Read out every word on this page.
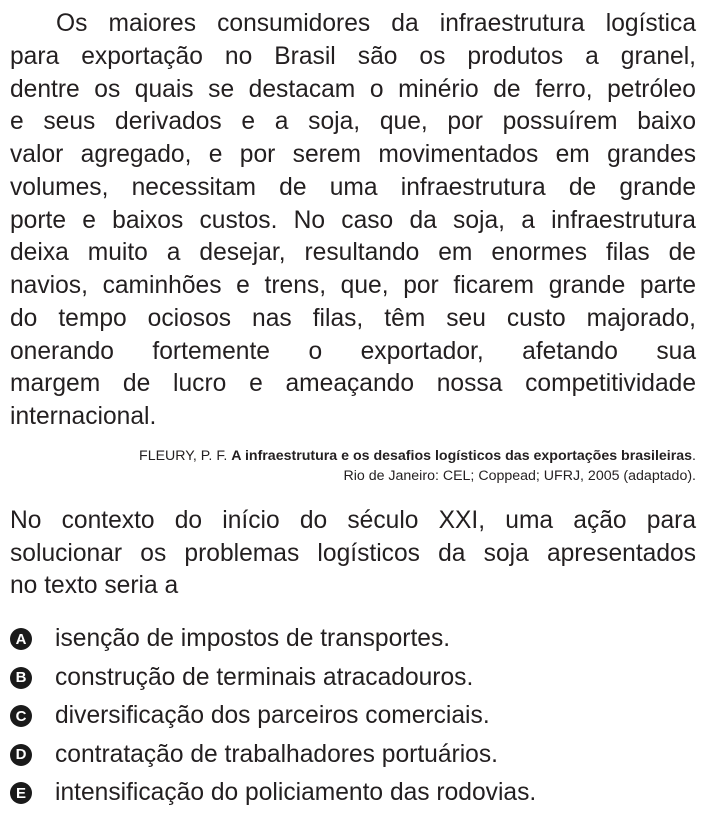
Os maiores consumidores da infraestrutura logística
para exportação no Brasil são os produtos a granel,
dentre os quais se destacam o minério de ferro, petróleo
e seus derivados e a soja, que, por possuírem baixo
valor agregado, e por serem movimentados em grandes
volumes, necessitam de uma infraestrutura de grande
porte e baixos custos. No caso da soja, a infraestrutura
deixa muito a desejar, resultando em enormes filas de
navios, caminhões e trens, que, por ficarem grande parte
do tempo ociosos nas filas, têm seu custo majorado,
onerando fortemente o exportador, afetando sua
margem de lucro e ameaçando nossa competitividade
internacional.
FLEURY, P. F. A infraestrutura e os desafios logísticos das exportações brasileiras.
Rio de Janeiro: CEL; Coppead; UFRJ, 2005 (adaptado).
No contexto do início do século XXI, uma ação para
solucionar os problemas logísticos da soja apresentados
no texto seria a
A isenção de impostos de transportes.
B construção de terminais atracadouros.
C diversificação dos parceiros comerciais.
D contratação de trabalhadores portuários.
E intensificação do policiamento das rodovias.
